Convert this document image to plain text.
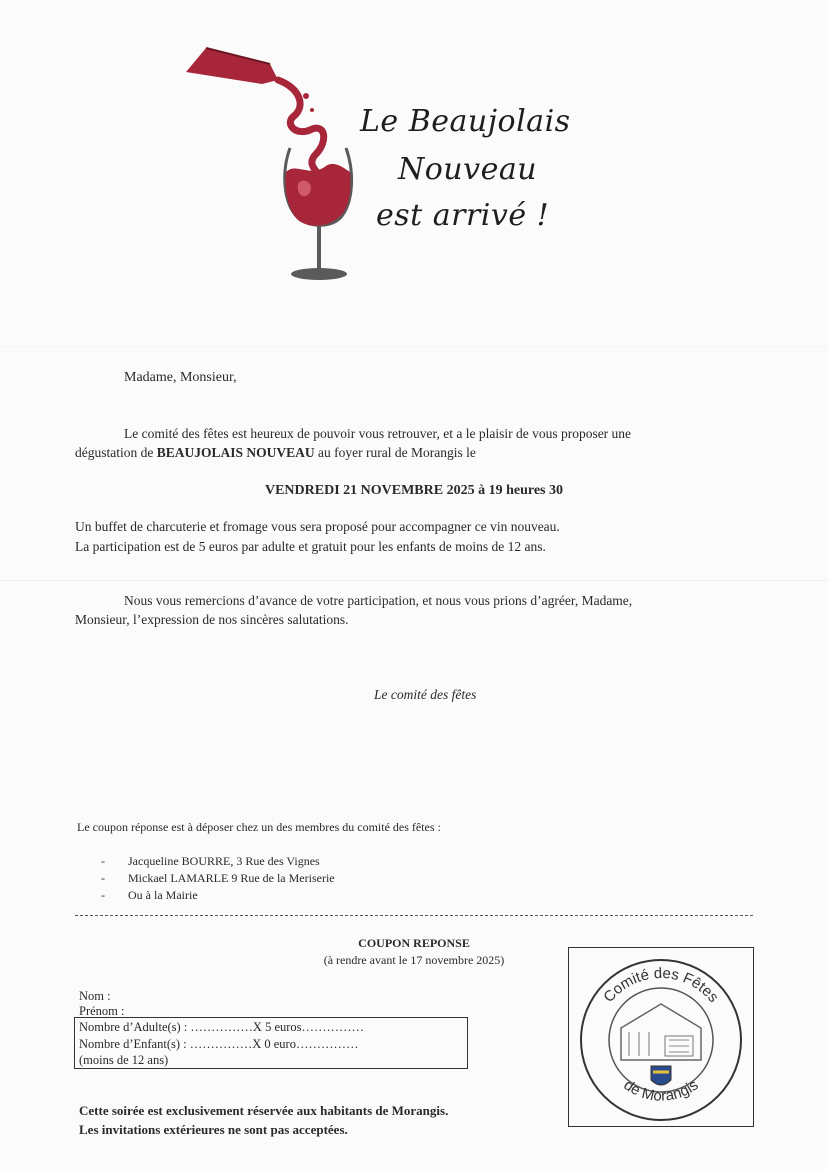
Le Beaujolais
Nouveau
est arrivé !
Madame, Monsieur,
Le comité des fêtes est heureux de pouvoir vous retrouver, et a le plaisir de vous proposer une
dégustation de BEAUJOLAIS NOUVEAU au foyer rural de Morangis le
VENDREDI 21 NOVEMBRE 2025 à 19 heures 30
Un buffet de charcuterie et fromage vous sera proposé pour accompagner ce vin nouveau.
La participation est de 5 euros par adulte et gratuit pour les enfants de moins de 12 ans.
Nous vous remercions d’avance de votre participation, et nous vous prions d’agréer, Madame,
Monsieur, l’expression de nos sincères salutations.
Le comité des fêtes
Le coupon réponse est à déposer chez un des membres du comité des fêtes :
- Jacqueline BOURRE, 3 Rue des Vignes
- Mickael LAMARLE 9 Rue de la Meriserie
- Ou à la Mairie
COUPON REPONSE
(à rendre avant le 17 novembre 2025)
Nom :
Prénom :
Nombre d’Adulte(s) : ……………X 5 euros……………
Nombre d’Enfant(s) : ……………X 0 euro……………
(moins de 12 ans)
Comité des Fêtes
de Morangis
Cette soirée est exclusivement réservée aux habitants de Morangis.
Les invitations extérieures ne sont pas acceptées.
